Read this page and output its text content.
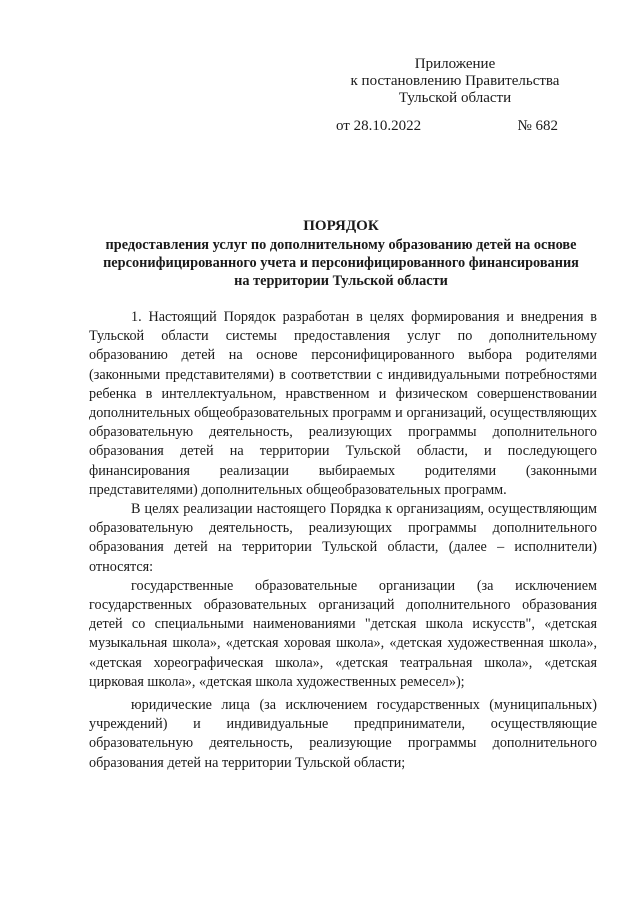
Приложение
к постановлению Правительства
Тульской области
от 28.10.2022	№ 682
ПОРЯДОК
предоставления услуг по дополнительному образованию детей на основе
персонифицированного учета и персонифицированного финансирования
на территории Тульской области

1. Настоящий Порядок разработан в целях формирования и внедрения в Тульской области системы предоставления услуг по дополнительному образованию детей на основе персонифицированного выбора родителями (законными представителями) в соответствии с индивидуальными потребностями ребенка в интеллектуальном, нравственном и физическом совершенствовании дополнительных общеобразовательных программ и организаций, осуществляющих образовательную деятельность, реализующих программы дополнительного образования детей на территории Тульской области, и последующего финансирования реализации выбираемых родителями (законными представителями) дополнительных общеобразовательных программ.

В целях реализации настоящего Порядка к организациям, осуществляющим образовательную деятельность, реализующих программы дополнительного образования детей на территории Тульской области, (далее – исполнители) относятся:

государственные образовательные организации (за исключением государственных образовательных организаций дополнительного образования детей со специальными наименованиями "детская школа искусств", «детская музыкальная школа», «детская хоровая школа», «детская художественная школа», «детская хореографическая школа», «детская театральная школа», «детская цирковая школа», «детская школа художественных ремесел»);

юридические лица (за исключением государственных (муниципальных) учреждений) и индивидуальные предприниматели, осуществляющие образовательную деятельность, реализующие программы дополнительного образования детей на территории Тульской области;
